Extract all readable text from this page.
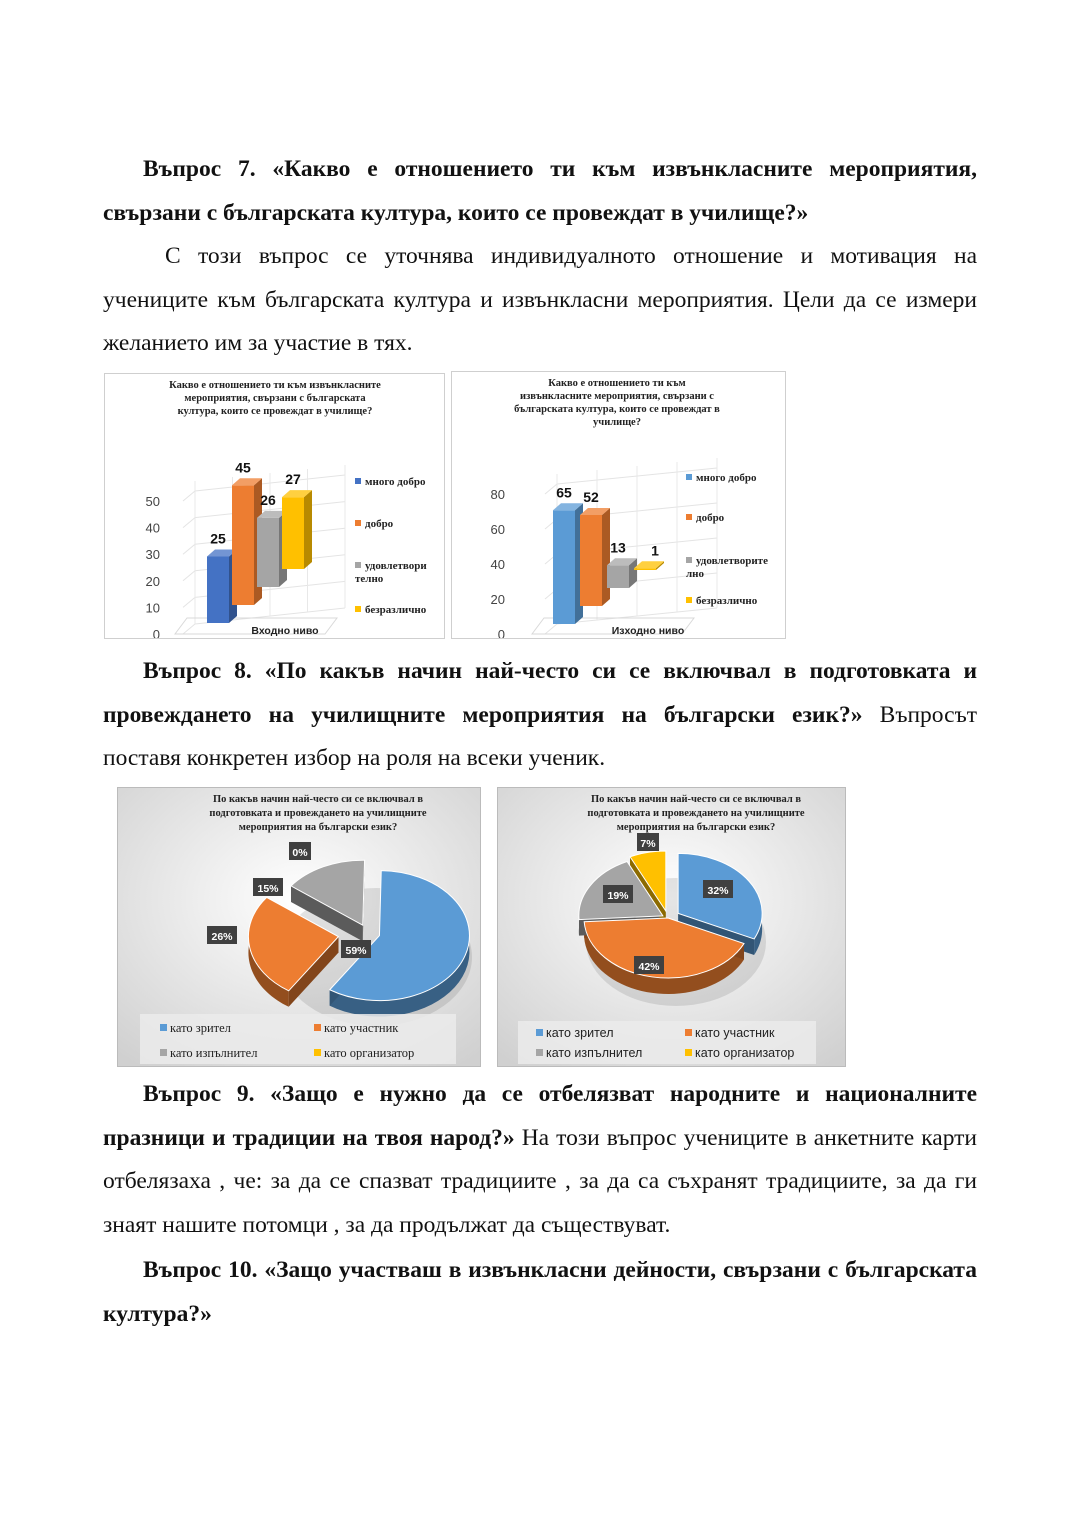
Въпрос 7. «Какво е отношението ти към извънкласните мероприятия, свързани с българската култура, които се провеждат в училище?»

С този въпрос се уточнява индивидуалното отношение и мотивация на учениците към българската култура и извънкласни мероприятия. Цели да се измери желанието им за участие в тях.

Какво е отношението ти към извънкласните
мероприятия, свързани с българската
култура, които се провеждат в училище?
0
10
20
30
40
50
25
45
26
27
Входно ниво
много добро
добро
удовлетвори
телно
безразлично
Какво е отношението ти към
извънкласните мероприятия, свързани с
българската култура, които се провеждат в
училище?
0
20
40
60
80	65 52
13 1
Изходно ниво
много добро
добро
удовлетворите
лно
безразлично

Въпрос 8. «По какъв начин най-често си се включвал в подготовката и провеждането на училищните мероприятия на български език?» Въпросът поставя конкретен избор на роля на всеки ученик.

По какъв начин най-често си се включвал в
подготовката и провеждането на училищните
мероприятия на български език?
59%
26%
15%
0%
като зрител	като участник
като изпълнител	като организатор
По какъв начин най-често си се включвал в
подготовката и провеждането на училищните
мероприятия на български език?
32%
42%
19%
7%
като зрител	като участник
като изпълнител	като организатор

Въпрос 9. «Защо е нужно да се отбелязват народните и националните празници и традиции на твоя народ?» На този въпрос учениците в анкетните карти отбелязаха , че: за да се спазват традициите , за да са съхранят традициите, за да ги знаят нашите потомци , за да продължат да съществуват.

Въпрос 10. «Защо участваш в извънкласни дейности, свързани с българската култура?»
